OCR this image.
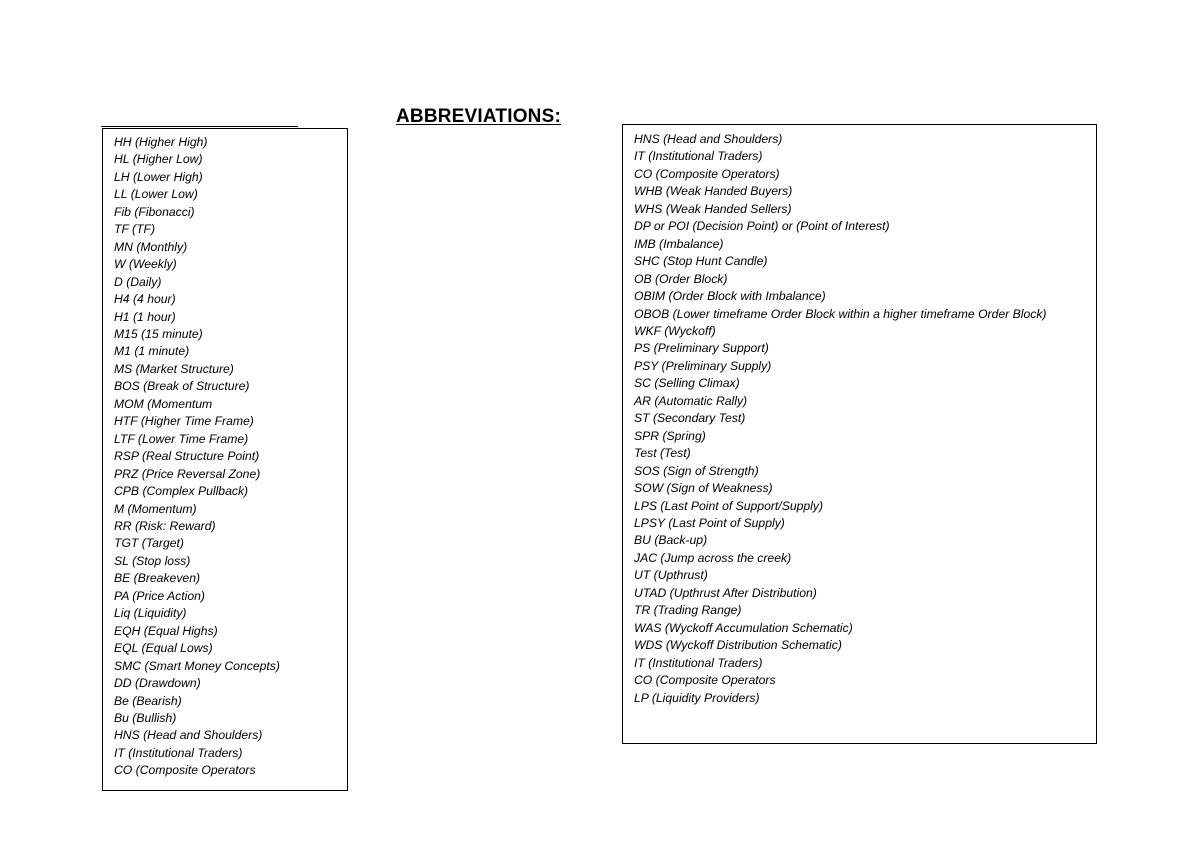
ABBREVIATIONS:
HH (Higher High)
HL (Higher Low)
LH (Lower High)
LL (Lower Low)
Fib (Fibonacci)
TF (TF)
MN (Monthly)
W (Weekly)
D (Daily)
H4 (4 hour)
H1 (1 hour)
M15 (15 minute)
M1 (1 minute)
MS (Market Structure)
BOS (Break of Structure)
MOM (Momentum
HTF (Higher Time Frame)
LTF (Lower Time Frame)
RSP (Real Structure Point)
PRZ (Price Reversal Zone)
CPB (Complex Pullback)
M (Momentum)
RR (Risk: Reward)
TGT (Target)
SL (Stop loss)
BE (Breakeven)
PA (Price Action)
Liq (Liquidity)
EQH (Equal Highs)
EQL (Equal Lows)
SMC (Smart Money Concepts)
DD (Drawdown)
Be (Bearish)
Bu (Bullish)
HNS (Head and Shoulders)
IT (Institutional Traders)
CO (Composite Operators
HNS (Head and Shoulders)
IT (Institutional Traders)
CO (Composite Operators)
WHB (Weak Handed Buyers)
WHS (Weak Handed Sellers)
DP or POI (Decision Point) or (Point of Interest)
IMB (Imbalance)
SHC (Stop Hunt Candle)
OB (Order Block)
OBIM (Order Block with Imbalance)
OBOB (Lower timeframe Order Block within a higher timeframe Order Block)
WKF (Wyckoff)
PS (Preliminary Support)
PSY (Preliminary Supply)
SC (Selling Climax)
AR (Automatic Rally)
ST (Secondary Test)
SPR (Spring)
Test (Test)
SOS (Sign of Strength)
SOW (Sign of Weakness)
LPS (Last Point of Support/Supply)
LPSY (Last Point of Supply)
BU (Back-up)
JAC (Jump across the creek)
UT (Upthrust)
UTAD (Upthrust After Distribution)
TR (Trading Range)
WAS (Wyckoff Accumulation Schematic)
WDS (Wyckoff Distribution Schematic)
IT (Institutional Traders)
CO (Composite Operators
LP (Liquidity Providers)
